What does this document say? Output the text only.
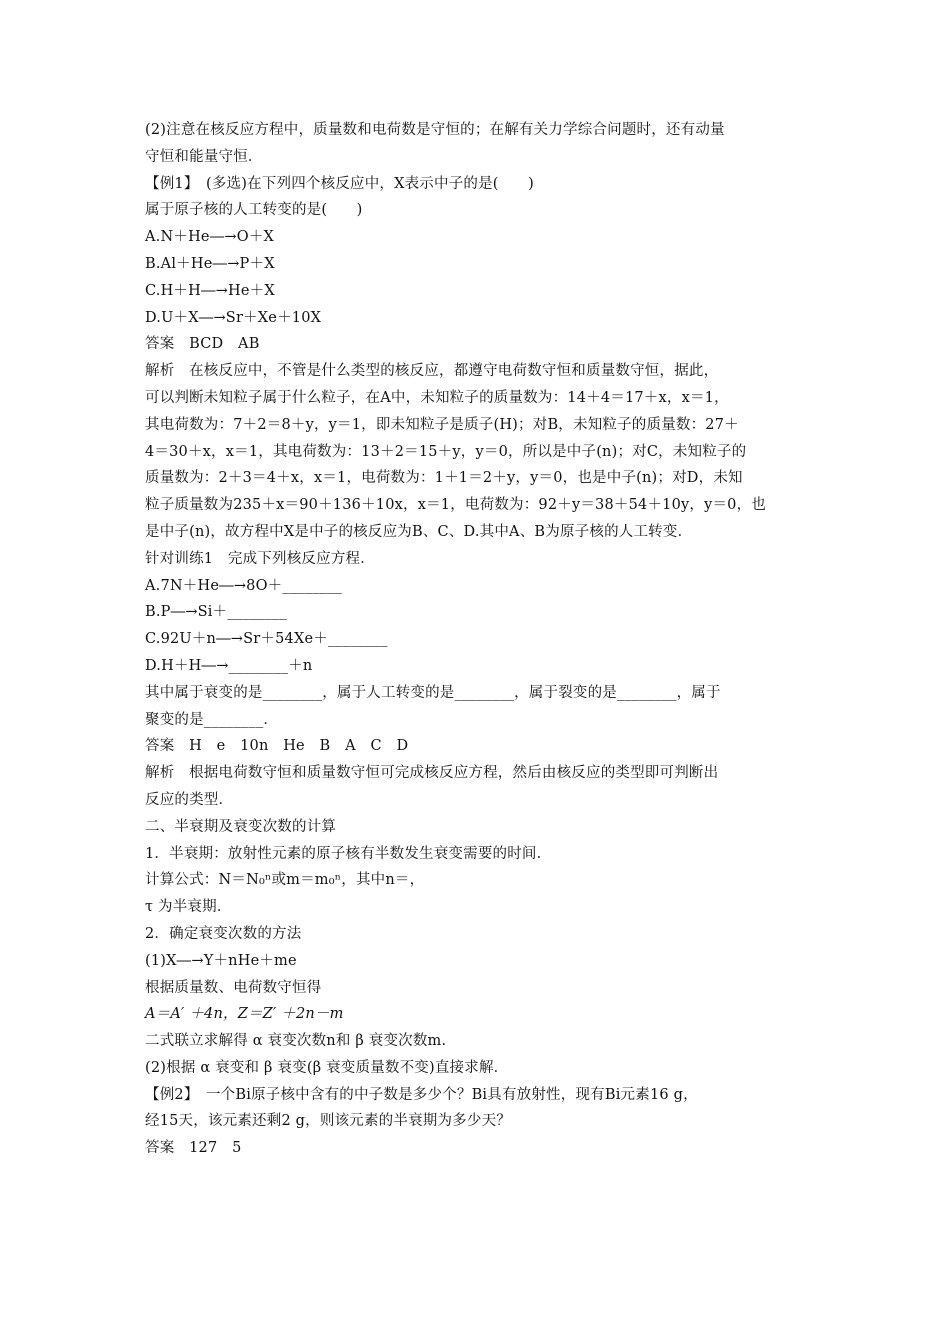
(2)注意在核反应方程中，质量数和电荷数是守恒的；在解有关力学综合问题时，还有动量
守恒和能量守恒．
【例1】　(多选)在下列四个核反应中，X表示中子的是(　　)
属于原子核的人工转变的是(　　)
A.N＋He―→O＋X
B.Al＋He―→P＋X
C.H＋H―→He＋X
D.U＋X―→Sr＋Xe＋10X
答案　BCD　AB
解析　在核反应中，不管是什么类型的核反应，都遵守电荷数守恒和质量数守恒，据此，
可以判断未知粒子属于什么粒子，在A中，未知粒子的质量数为：14＋4＝17＋x，x＝1，
其电荷数为：7＋2＝8＋y，y＝1，即未知粒子是质子(H)；对B，未知粒子的质量数：27＋
4＝30＋x，x＝1，其电荷数为：13＋2＝15＋y，y＝0，所以是中子(n)；对C，未知粒子的
质量数为：2＋3＝4＋x，x＝1，电荷数为：1＋1＝2＋y，y＝0，也是中子(n)；对D，未知
粒子质量数为235＋x＝90＋136＋10x，x＝1，电荷数为：92＋y＝38＋54＋10y，y＝0，也
是中子(n)，故方程中X是中子的核反应为B、C、D.其中A、B为原子核的人工转变．
针对训练1　完成下列核反应方程．
A.7N＋He―→8O＋________
B.P―→Si＋________
C.92U＋n―→Sr＋54Xe＋________
D.H＋H―→________＋n
其中属于衰变的是________，属于人工转变的是________，属于裂变的是________，属于
聚变的是________．
答案　H　e　10n　He　B　A　C　D
解析　根据电荷数守恒和质量数守恒可完成核反应方程，然后由核反应的类型即可判断出
反应的类型．
二、半衰期及衰变次数的计算
1．半衰期：放射性元素的原子核有半数发生衰变需要的时间．
计算公式：N＝N₀ⁿ或m＝m₀ⁿ，其中n＝，
τ 为半衰期．
2．确定衰变次数的方法
(1)X―→Y＋nHe＋me
根据质量数、电荷数守恒得
A＝A′ ＋4n，Z＝Z′ ＋2n－m
二式联立求解得 α 衰变次数n和 β 衰变次数m.
(2)根据 α 衰变和 β 衰变(β 衰变质量数不变)直接求解．
【例2】　一个Bi原子核中含有的中子数是多少个？Bi具有放射性，现有Bi元素16 g，
经15天，该元素还剩2 g，则该元素的半衰期为多少天？
答案　127　5
